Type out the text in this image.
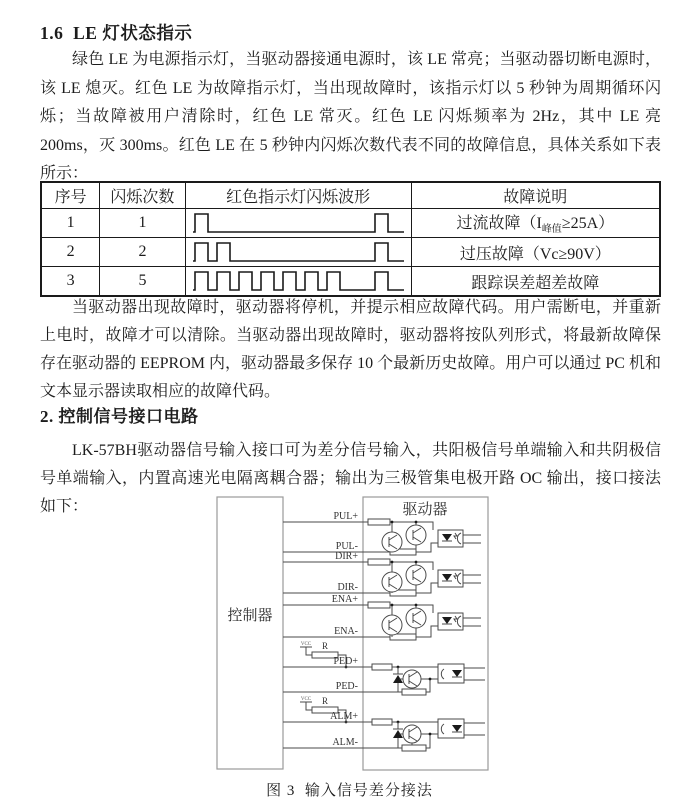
1.6  LE 灯状态指示

绿色 LE 为电源指示灯，当驱动器接通电源时，该 LE 常亮；当驱动器切断电源时，该 LE 熄灭。红色 LE 为故障指示灯，当出现故障时，该指示灯以 5 秒钟为周期循环闪烁；当故障被用户清除时，红色 LE 常灭。红色 LE 闪烁频率为 2Hz，其中 LE 亮 200ms，灭 300ms。红色 LE 在 5 秒钟内闪烁次数代表不同的故障信息，具体关系如下表所示：

序号	闪烁次数	红色指示灯闪烁波形	故障说明
1	1		过流故障$(I_{峰值}\ge 25A)$
2	2		过压故障（Vc≥90V）
3	5		跟踪误差超差故障

当驱动器出现故障时，驱动器将停机，并提示相应故障代码。用户需断电，并重新上电时，故障才可以清除。当驱动器出现故障时，驱动器将按队列形式，将最新故障保存在驱动器的 EEPROM 内，驱动器最多保存 10 个最新历史故障。用户可以通过 PC 机和文本显示器读取相应的故障代码。

2. 控制信号接口电路

LK-57BH驱动器信号输入接口可为差分信号输入，共阳极信号单端输入和共阴极信号单端输入，内置高速光电隔离耦合器；输出为三极管集电极开路 OC 输出，接口接法如下：

控制器
驱动器
PUL+
PUL-
DIR+
DIR-
ENA+
ENA-
VCC R
PED+
PED-
VCC R
ALM+
ALM-
图 3  输入信号差分接法
